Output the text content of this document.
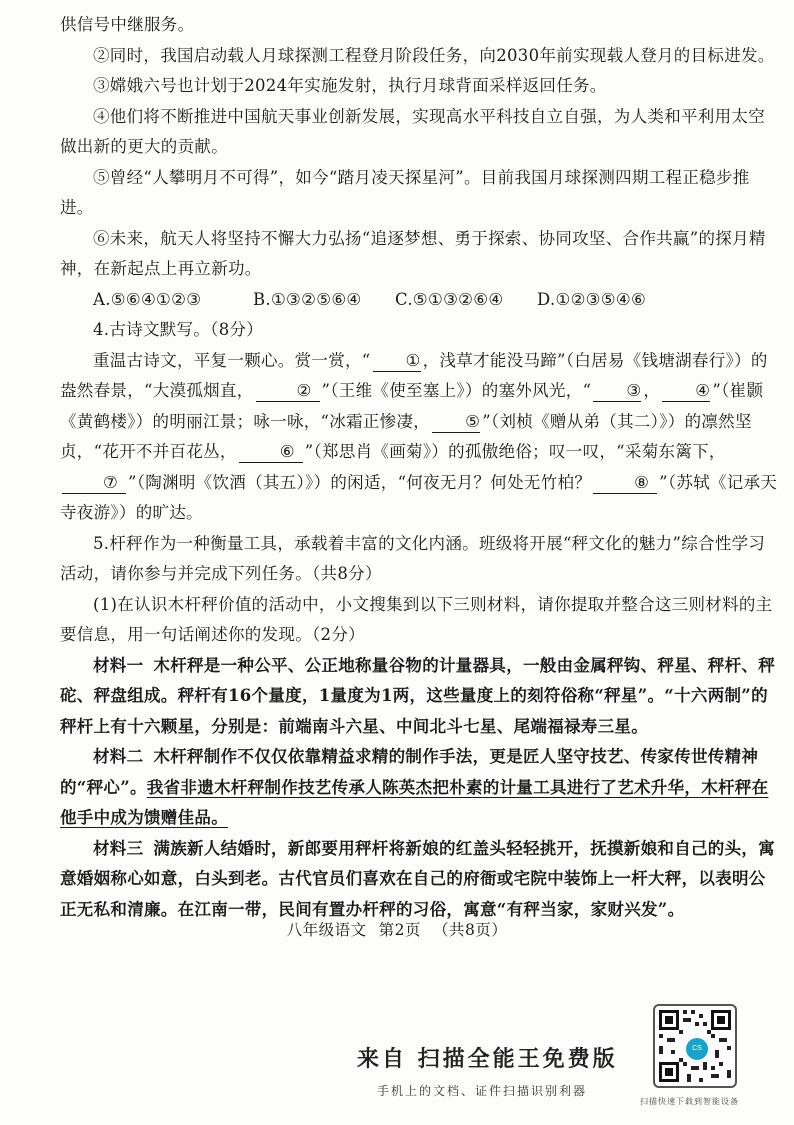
供信号中继服务。

②同时，我国启动载人月球探测工程登月阶段任务，向2030年前实现载人登月的目标进发。

③嫦娥六号也计划于2024年实施发射，执行月球背面采样返回任务。

④他们将不断推进中国航天事业创新发展，实现高水平科技自立自强，为人类和平利用太空做出新的更大的贡献。

⑤曾经“人攀明月不可得”，如今“踏月凌天探星河”。目前我国月球探测四期工程正稳步推进。

⑥未来，航天人将坚持不懈大力弘扬“追逐梦想、勇于探索、协同攻坚、合作共赢”的探月精神，在新起点上再立新功。

A.⑤⑥④①②③	B.①③②⑤⑥④	C.⑤①③②⑥④	D.①②③⑤④⑥

4.古诗文默写。（8分）

重温古诗文，平复一颗心。赏一赏，“ ① ，浅草才能没马蹄”（白居易《钱塘湖春行》）的盎然春景，“大漠孤烟直，	② ”（王维《使至塞上》）的塞外风光，“ ③ ， ④ ”（崔颢《黄鹤楼》）的明丽江景；咏一咏，“冰霜正惨凄， ⑤ ”（刘桢《赠从弟（其二）》）的凛然坚贞，“花开不并百花丛，	⑥ ”（郑思肖《画菊》）的孤傲绝俗；叹一叹，“采菊东篱下，⑦ ”（陶渊明《饮酒（其五）》）的闲适，“何夜无月？何处无竹柏？	⑧ ”（苏轼《记承天寺夜游》）的旷达。

5.杆秤作为一种衡量工具，承载着丰富的文化内涵。班级将开展“秤文化的魅力”综合性学习活动，请你参与并完成下列任务。（共8分）

(1)在认识木杆秤价值的活动中，小文搜集到以下三则材料，请你提取并整合这三则材料的主要信息，用一句话阐述你的发现。（2分）

材料一 木杆秤是一种公平、公正地称量谷物的计量器具，一般由金属秤钩、秤星、秤杆、秤砣、秤盘组成。秤杆有16个量度，1量度为1两，这些量度上的刻符俗称“秤星”。“十六两制”的秤杆上有十六颗星，分别是：前端南斗六星、中间北斗七星、尾端福禄寿三星。

材料二 木杆秤制作不仅仅依靠精益求精的制作手法，更是匠人坚守技艺、传家传世传精神的“秤心”。我省非遗木杆秤制作技艺传承人陈英杰把朴素的计量工具进行了艺术升华，木杆秤在他手中成为馈赠佳品。

材料三 满族新人结婚时，新郎要用秤杆将新娘的红盖头轻轻挑开，抚摸新娘和自己的头，寓意婚姻称心如意，白头到老。古代官员们喜欢在自己的府衙或宅院中装饰上一杆大秤，以表明公正无私和清廉。在江南一带，民间有置办杆秤的习俗，寓意“有秤当家，家财兴发”。

八年级语文 第2页 （共8页）
来自 扫描全能王免费版
手机上的文档、证件扫描识别利器
CS
扫描快速下载到智能设备
